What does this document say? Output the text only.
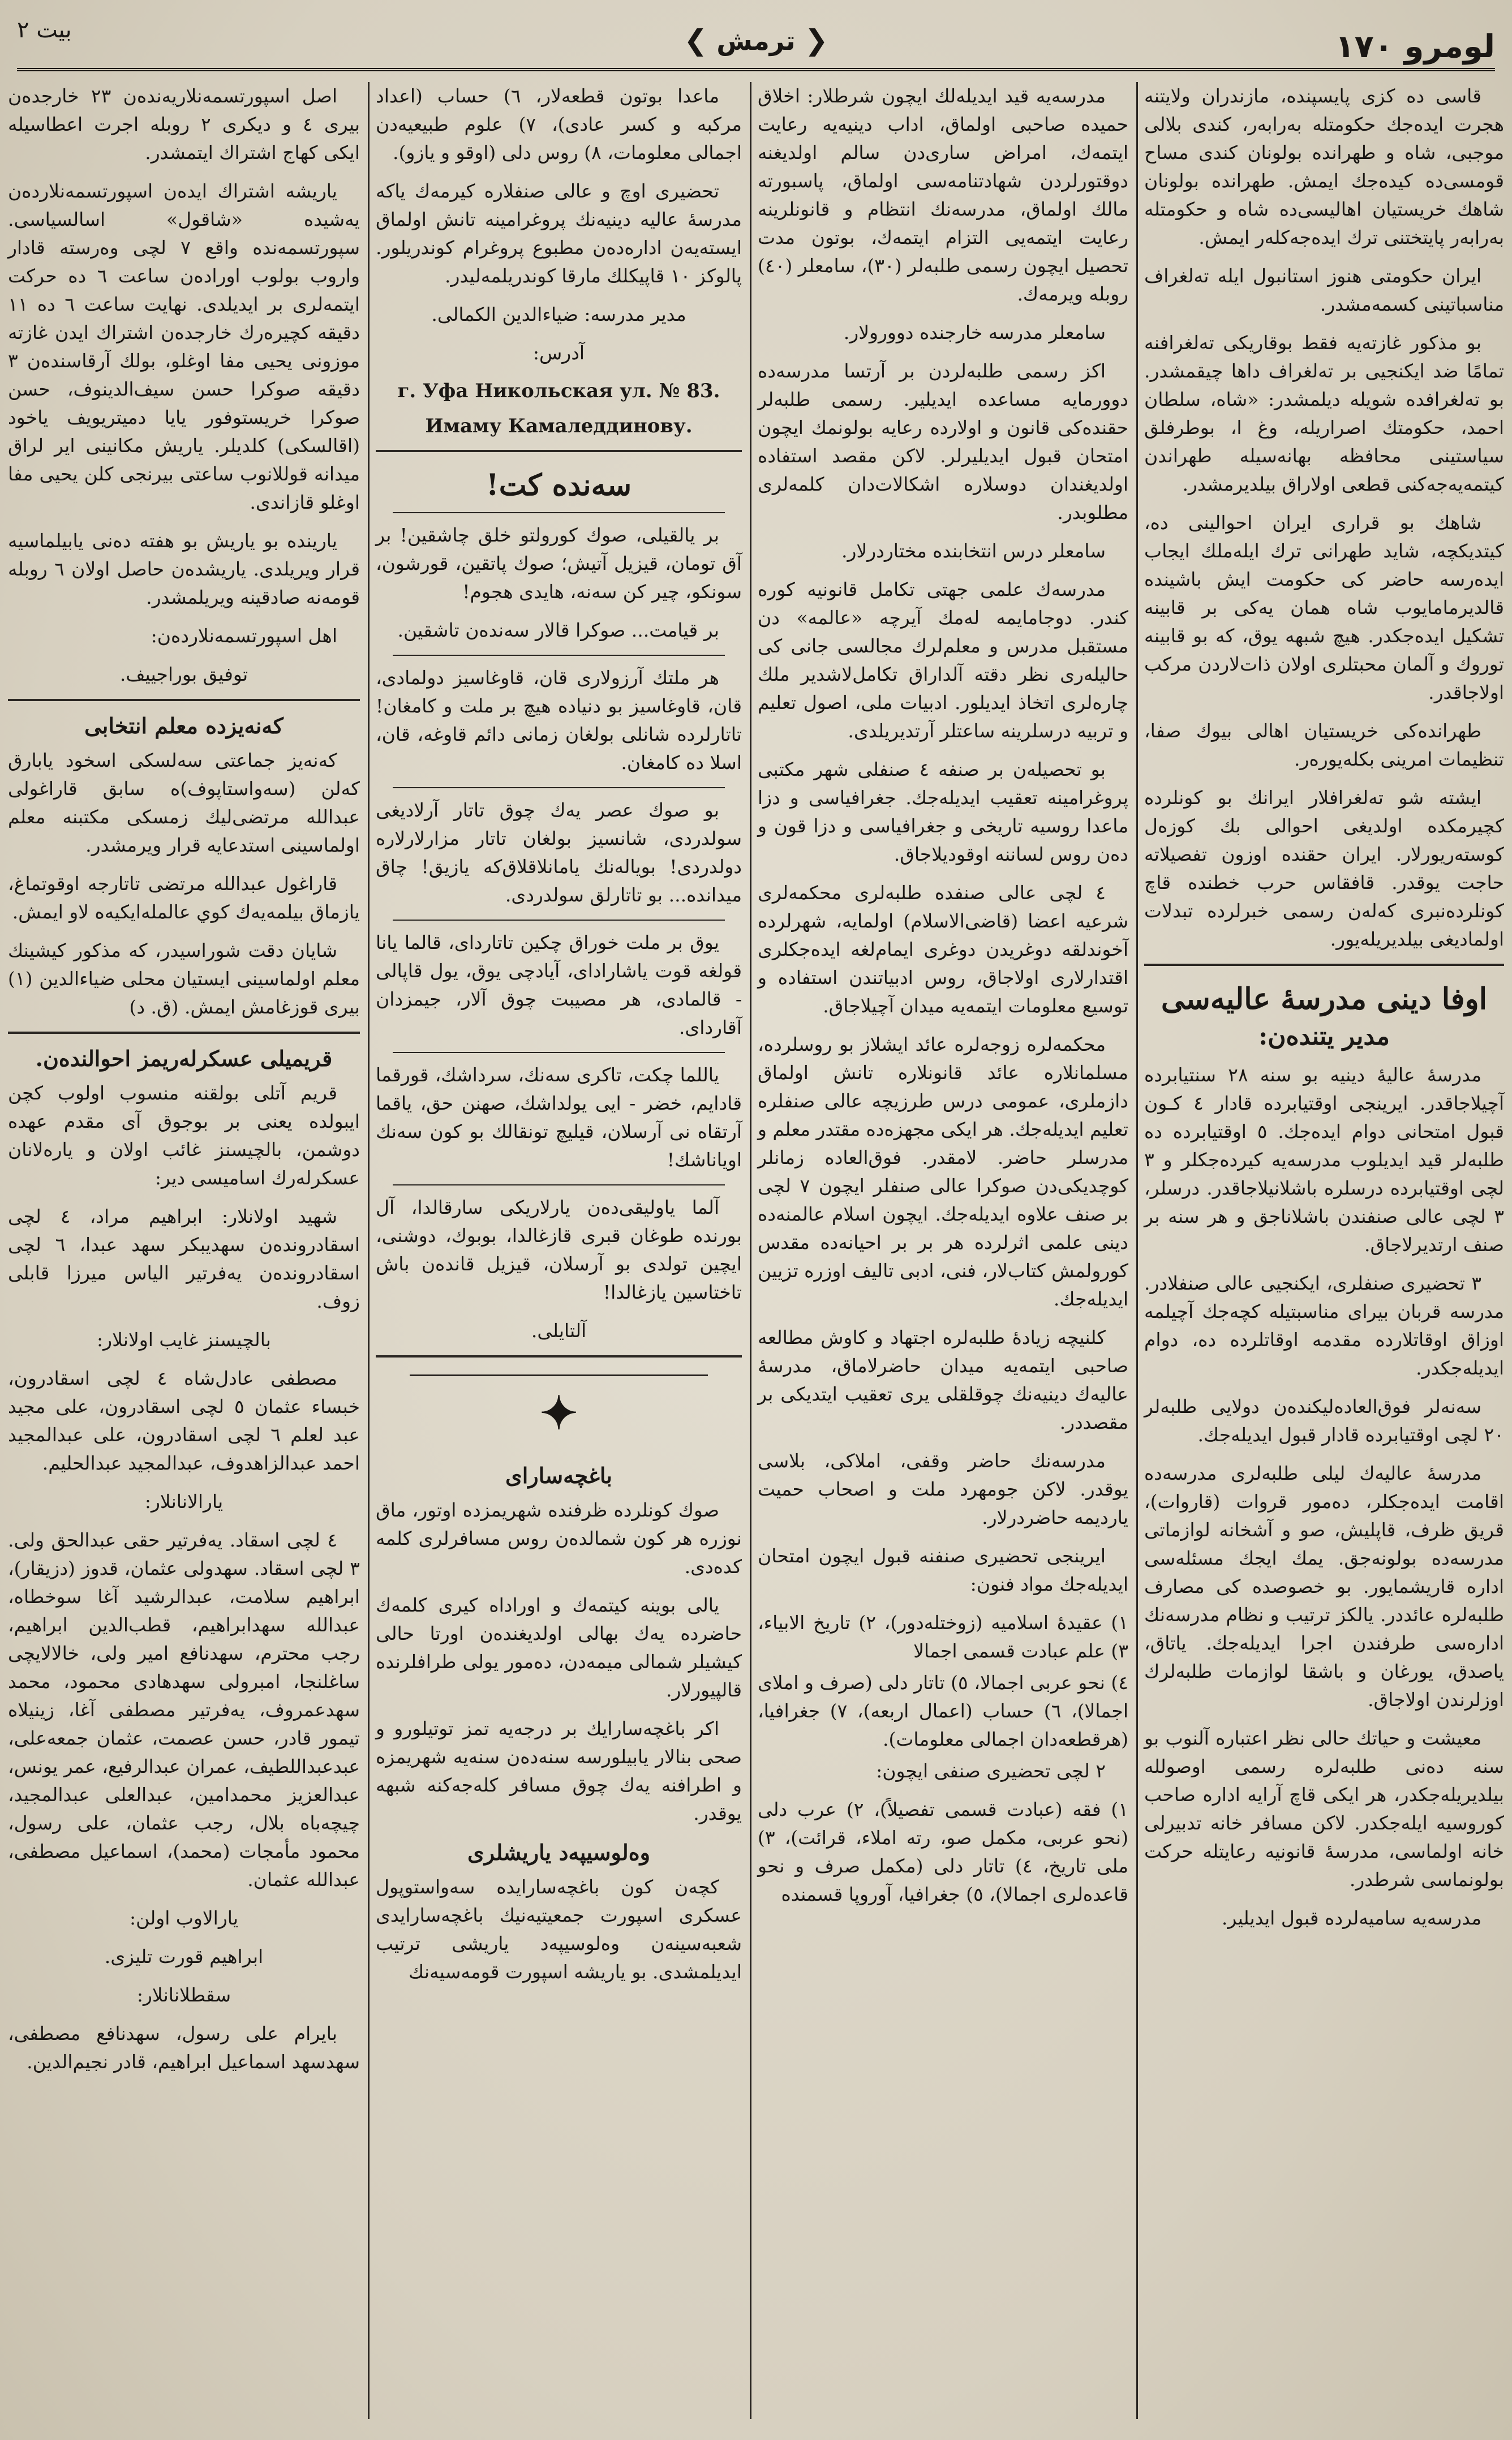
بيت ٢	❮ترمش❯	لومرو ١٧٠

قاسى ده كزى پايسپنده، مازندران ولايتنه هجرت ايده‌جك حكومتله بەرابەر، كندى بلالى موجبى، شاه و طهرانده بولونان كندى مساح قومسى‌ده كيده‌جك ايمش. طهرانده بولونان شاهك خريستيان اهاليسى‌ده شاه و حكومتله بەرابەر پايتختنى ترك ايده‌جەكلەر ايمش.

ايران حكومتى هنوز استانبول ايله تەلغراف مناسباتينى كسمەمشدر.

بو مذكور غازته‌يه فقط بوقاريكى تەلغرافنه تمامًا ضد ايكنجيى بر تەلغراف داها چيقمشدر. بو تەلغرافده شويله ديلمشدر: «شاه، سلطان احمد، حكومتك اصراريله، وغ ا، بوطرفلق سياستينى محافظه بهانه‌سيله طهراندن كيتمه‌يه‌جه‌كنى قطعى اولاراق بيلديرمشدر.

شاهك بو قرارى ايران احوالينى ده، كيتديكچه، شايد طهرانى ترك ايلەملك ايجاب ايدەرسه حاضر كى حكومت ايش باشينده قالديرمامايوب شاه همان يه‌كى بر قابينه تشكيل ايده‌جكدر. هيچ شبهه يوق، كه بو قابينه توروك و آلمان محبتلرى اولان ذات‌لاردن مركب اولاجاقدر.

طهرانده‌كى خريستيان اهالى بيوك صفا، تنظيمات امرينى بكله‌يورەر.

ايشته شو تەلغرافلار ايرانك بو كونلرده كچيرمكده اولديغى احوالى بك كوزەل كوستەريورلار. ايران حقنده اوزون تفصيلاته حاجت يوقدر. قافقاس حرب خطنده قاچ كونلردەنبرى كەلەن رسمى خبرلردە تبدلات اولماديغى بيلديريلەيور.

اوفا دينى مدرسهٔ عاليه‌سى
مدير يتنده‌ن:

مدرسهٔ عاليهٔ دينيه بو سنه ٢٨ سنتيابرده آچيلاجاقدر. ايرينجى اوقتيابرده قادار ٤ كـون قبول امتحانى دوام ايده‌جك. ٥ اوقتيابرده ده طلبه‌لر قيد ايديلوب مدرسه‌يه كيرده‌جكلر و ٣ لچى اوقتيابرده درسلره باشلانيلاجاقدر. درسلر، ٣ لچى عالى صنفندن باشلاناجق و هر سنه بر صنف ارتديرلاجاق.

٣ تحضيرى صنفلرى، ايكنجيى عالى صنفلادر. مدرسه قربان بيراى مناسبتيله كچه‌جك آچيلمه اوزاق اوقاتلارده مقدمه اوقاتلرده ده، دوام ايديله‌جكدر.

سه‌نه‌لر فوق‌العاده‌ليكنده‌ن دولايى طلبه‌لر ٢٠ لچى اوقتيابرده قادار قبول ايديله‌جك.

مدرسهٔ عاليه‌ك ليلى طلبه‌لرى مدرسه‌ده اقامت ايده‌جكلر، دەمور قروات (قاروات)، قريق ظرف، قاپليش، صو و آشخانه لوازماتى مدرسه‌ده بولونه‌جق. يمك ايجك مسئله‌سى اداره قاريشمايور. بو خصوصده كى مصارف طلبه‌لره عائددر. يالكز ترتيب و نظام مدرسه‌نك اداره‌سى طرفندن اجرا ايديله‌جك. ياتاق، ياصدق، يورغان و باشقا لوازمات طلبه‌لرك اوزلرندن اولاجاق.

معيشت و حياتك حالى نظر اعتباره آلنوب بو سنه ده‌نى طلبه‌لره رسمى اوصولله بيلديريله‌جكدر، هر ايكى قاچ آرايه اداره صاحب كوروسيه ايله‌جكدر. لاكن مسافر خانه تدبيرلى خانه اولماسى، مدرسهٔ قانونيه رعايتله حركت بولونماسى شرطدر.

مدرسه‌يه ساميه‌لرده قبول ايديلير.

مدرسه‌يه قيد ايديله‌لك ايچون شرطلار: اخلاق حميده صاحبى اولماق، اداب دينيه‌يه رعايت ايتمەك، امراض سارى‌دن سالم اولديغنه دوقتورلردن شهادتنامه‌سى اولماق، پاسبورته مالك اولماق، مدرسه‌نك انتظام و قانونلرينه رعايت ايتمه‌يى التزام ايتمه‌ك، بوتون مدت تحصيل ايچون رسمى طلبه‌لر (٣٠)، سامعلر (٤٠) روبله ويرمه‌ك.

سامعلر مدرسه خارجنده دوورولار.

اكز رسمى طلبه‌لردن بر آرتسا مدرسه‌ده دوورمايه مساعده ايديلير. رسمى طلبه‌لر حقنده‌كى قانون و اولارده رعايه بولونمك ايچون امتحان قبول ايديليرلر. لاكن مقصد استفاده اولديغندان دوسلاره اشكالات‌دان كلمه‌لرى مطلوبدر.

سامعلر درس انتخابنده مختاردرلار.

مدرسه‌ك علمى جهتى تكامل قانونيه كوره كندر. دوجامايمه له‌مك آيرچه «عالمه» دن مستقبل مدرس و معلم‌لرك مجالسى جانى كى حاليله‌رى نظر دقته آلداراق تكامل‌لاشدير ملك چاره‌لرى اتخاذ ايديلور. ادبيات ملى، اصول تعليم و تربيه درسلرينه ساعتلر آرتديريلدى.

بو تحصيله‌ن بر صنفه ٤ صنفلى شهر مكتبى پروغرامينه تعقيب ايديله‌جك. جغرافياسى و دزا ماعدا روسيه تاريخى و جغرافياسى و دزا قون و ده‌ن روس لساننه اوقوديلاجاق.

٤ لچى عالى صنفده طلبه‌لرى محكمه‌لرى شرعيه اعضا (قاضى‌الاسلام) اولمايه، شهرلرده آخوندلقه دوغريدن دوغرى ايمام‌لغه ايده‌جكلرى اقتدارلارى اولاجاق، روس ادبياتندن استفاده و توسيع معلومات ايتمه‌يه ميدان آچيلاجاق.

محكمه‌لره زوجه‌لره عائد ايشلاز بو روسلرده، مسلمانلاره عائد قانونلاره تانش اولماق دازملرى، عمومى درس طرزيچه عالى صنفلره تعليم ايديله‌جك. هر ايكى مجهزه‌ده مقتدر معلم و مدرسلر حاضر. لامقدر. فوق‌العاده زمانلر كوچديكى‌دن صوكرا عالى صنفلر ايچون ۷ لچى بر صنف علاوه ايديله‌جك. ايچون اسلام عالمنه‌ده دينى علمى اثرلرده هر بر بر احيانه‌ده مقدس كورولمش كتاب‌لار، فنى، ادبى تاليف اوزره تزيين ايديله‌جك.

كلنيچه زيادهٔ طلبه‌لره اجتهاد و كاوش مطالعه صاحبى ايتمه‌يه ميدان حاضرلاماق، مدرسهٔ عاليه‌ك دينيه‌نك چوقلقلى يرى تعقيب ايتديكى بر مقصددر.

مدرسه‌نك حاضر وقفى، املاكى، بلاسى يوقدر. لاكن جومهرد ملت و اصحاب حميت يارديمه حاضردرلار.

ايرينجى تحضيرى صنفنه قبول ايچون امتحان ايديله‌جك مواد فنون:

١) عقيدهٔ اسلاميه (زوختله‌دور)، ٢) تاريخ الابياء، ٣) علم عبادت قسمى اجمالا
٤) نحو عربى اجمالا، ٥) تاتار دلى (صرف و املاى اجمالا)، ٦) حساب (اعمال اربعه)، ٧) جغرافيا، (هرقطعه‌دان اجمالى معلومات).

٢ لچى تحضيرى صنفى ايچون:

١) فقه (عبادت قسمى تفصيلاً)، ٢) عرب دلى (نحو عربى، مكمل صو، رته املاء، قرائت)، ٣) ملى تاريخ، ٤) تاتار دلى (مكمل صرف و نحو قاعده‌لرى اجمالا)، ٥) جغرافيا، آوروپا قسمنده

ماعدا بوتون قطعه‌لار، ٦) حساب (اعداد مركبه و كسر عادى)، ٧) علوم طبيعيه‌دن اجمالى معلومات، ٨) روس دلى (اوقو و يازو).

تحضيرى اوچ و عالى صنفلاره كيرمه‌ك ياكه مدرسهٔ عاليه دينيه‌نك پروغرامينه تانش اولماق ايسته‌يه‌ن اداره‌ده‌ن مطبوع پروغرام كوندريلور. پالوكز ١٠ قاپيكلك مارقا كوندريلمه‌ليدر.

مدير مدرسه: ضياءالدين الكمالى.

آدرس:

г. Уфа Никольская ул. № 83.
Имаму Камаледдинову.
سه‌نده كت!

بر يالقيلى، صوك كورولتو خلق چاشقين! بر آق تومان، قيزيل آتيش؛ صوك پاتقين، قورشون، سونكو، چير كن سه‌نه، هايدى هجوم!

بر قيامت... صوكرا قالار سه‌نده‌ن تاشقين.

هر ملتك آرزولارى قان، قاوغاسيز دولمادى، قان، قاوغاسيز بو دنياده هيچ بر ملت و كامغان! تاتارلرده شانلى بولغان زمانى دائم قاوغه، قان، اسلا ده كامغان.

بو صوك عصر يه‌ك چوق تاتار آرلاديغى سولدردى، شانسيز بولغان تاتار مزارلارلاره دولدردى! بوياله‌نك يامانلاقلاق‌كه يازيق! چاق ميدانده... بو تاتارلق سولدردى.

يوق بر ملت خوراق چكين تاتارداى، قالما يانا قولغه قوت ياشاراداى، آيادچى يوق، يول قاپالى - قالمادى، هر مصيبت چوق آلار، جيمزدان آقارداى.

ياللما چكت، تاكرى سه‌نك، سرداشك، قورقما قادايم، خضر - ايى يولداشك، صهنن حق، ياقما آرتقاه نى آرسلان، قيليچ تونقالك بو كون سه‌نك اوياناشك!

آلما ياوليقى‌ده‌ن يارلاريكى سارقالدا، آل بورنده طوغان قبرى قازغالدا، بوبوك، دوشنى، ايچين تولدى بو آرسلان، قيزيل قانده‌ن باش تاختاسين يازغالدا!

آلتايلى.

✦
باغچه‌ساراى

صوك كونلرده ظرفنده شهريمزده اوتور، ماق نوزره هر كون شمالده‌ن روس مسافرلرى كلمه كده‌دى.

يالى بوينه كيتمه‌ك و اوراداه كيرى كلمه‌ك حاضرده يه‌ك بهالى اولديغنده‌ن اورتا حالى كيشيلر شمالى ميمه‌دن، ده‌مور يولى طرافلرنده ‌قالپيورلار.

اكر باغچه‌سارايك بر درجه‌يه تمز توتيلورو و صحى بنالار يابيلورسه سنه‌ده‌ن سنه‌يه شهريمزه و اطرافنه يه‌ك چوق مسافر كله‌جه‌كنه شبهه يوقدر.

وه‌لوسيپه‌د ياريشلرى

كچه‌ن كون باغچه‌سارايده سه‌واستوپول عسكرى اسپورت جمعيتيه‌نيك باغچه‌سارايدى شعبه‌سينه‌ن وه‌لوسيپه‌د ياريشى ترتيب ايديلمشدى. بو ياريشه اسپورت قومه‌سيه‌نك

اصل اسپورتسمه‌نلاريه‌نده‌ن ٢٣ خارجده‌ن بيرى ٤ و ديكرى ٢ روبله اجرت اعطاسيله ايكى كهاج اشتراك ايتمشدر.

ياريشه اشتراك ايده‌ن اسپورتسمه‌نلارده‌ن يه‌شيده «شاقول» اسالسياسى. سپورتسمه‌نده واقع ٧ لچى وه‌رسته قادار واروب بولوب اوراده‌ن ساعت ٦ ده حركت ايتمه‌لرى بر ايديلدى. نهايت ساعت ٦ ده ١١ دقيقه كچيره‌رك خارجده‌ن اشتراك ايدن غازته موزونى يحيى مفا اوغلو، بولك آرقاسنده‌ن ٣ دقيقه صوكرا حسن سيف‌الدينوف، حسن صوكرا خريستوفور يايا دميتريويف ياخود (اقالسكى) كلديلر. ياريش مكانينى اير لراق ميدانه قوللانوب ساعتى بيرنجى كلن يحيى مفا اوغلو قازاندى.

يارينده بو ياريش بو هفته ده‌نى يابيلماسيه قرار ويريلدى. ياريشده‌ن حاصل اولان ٦ روبله قومه‌نه صادقينه ويريلمشدر.

اهل اسپورتسمه‌نلارده‌ن:

توفيق بوراجييف.

كه‌نه‌يزده معلم انتخابى

كه‌نه‌يز جماعتى سه‌لسكى اسخود يابارق كه‌لن (سه‌واستاپوف)‌ه سابق قاراغولى عبدالله مرتضى‌ليك زمسكى مكتبنه معلم اولماسينى استدعايه قرار ويرمشدر.

قاراغول عبدالله مرتضى تاتارجه اوقوتماغ، يازماق بيلمه‌يه‌ك كوي عالمله‌ايكيه‌ه لاو ايمش.

شايان دقت شوراسيدر، كه مذكور كيشينك معلم اولماسينى ايستيان محلى ضياءالدين (١) بيرى قوزغامش ايمش. (ق. د)

قريميلى عسكرله‌ريمز احوالنده‌ن.

قريم آتلى بولقنه منسوب اولوب كچن ايبولده يعنى بر بوجوق آى مقدم عهده دوشمن، بالچيسنز غائب اولان و ياره‌لانان عسكرله‌رك اساميسى دير:

شهيد اولانلار: ابراهيم مراد، ٤ لچى اسقادرونده‌ن سهديبكر سهد عبدا، ٦ لچى اسقادرونده‌ن يه‌فرتير الياس ميرزا قابلى زوف.

بالچيسنز غايب اولانلار:

مصطفى عادل‌شاه ٤ لچى اسقادرون، خبساء عثمان ٥ لچى اسقادرون، على مجيد عبد لعلم ٦ لچى اسقادرون، على عبدالمجيد احمد عبدالزاهدوف، عبدالمجيد عبدالحليم.

يارالانانلار:

٤ لچى اسقاد. يه‌فرتير حقى عبدالحق ولى. ٣ لچى اسقاد. سهدولى عثمان، قدوز (دزيقار)، ابراهيم سلامت، عبدالرشيد آغا سوخطاه، عبدالله سهدابراهيم، قطب‌الدين ابراهيم، رجب محترم، سهدنافع امير ولى، خالالا‌يچى ساغلنجا، امبرولى سهدهادى محمود، محمد سهدعمروف، يه‌فرتير مصطفى آغا، زينيلاه تيمور قادر، حسن عصمت، عثمان جمعه‌على، عبدعبداللطيف، عمران عبدالرفيع، عمر يونس، عبدالعزيز محمدامين، عبدالعلى عبدالمجيد، چيچه‌باه بلال، رجب عثمان، على رسول، محمود مأمجات (محمد)، اسماعيل مصطفى، عبدالله عثمان.

يارالاوب اولن:

ابراهيم قورت تليزى.

سقطلانانلار:

بايرام على رسول، سهدنافع مصطفى، سهدسهد اسماعيل ابراهيم، قادر نجيم‌الدين.
